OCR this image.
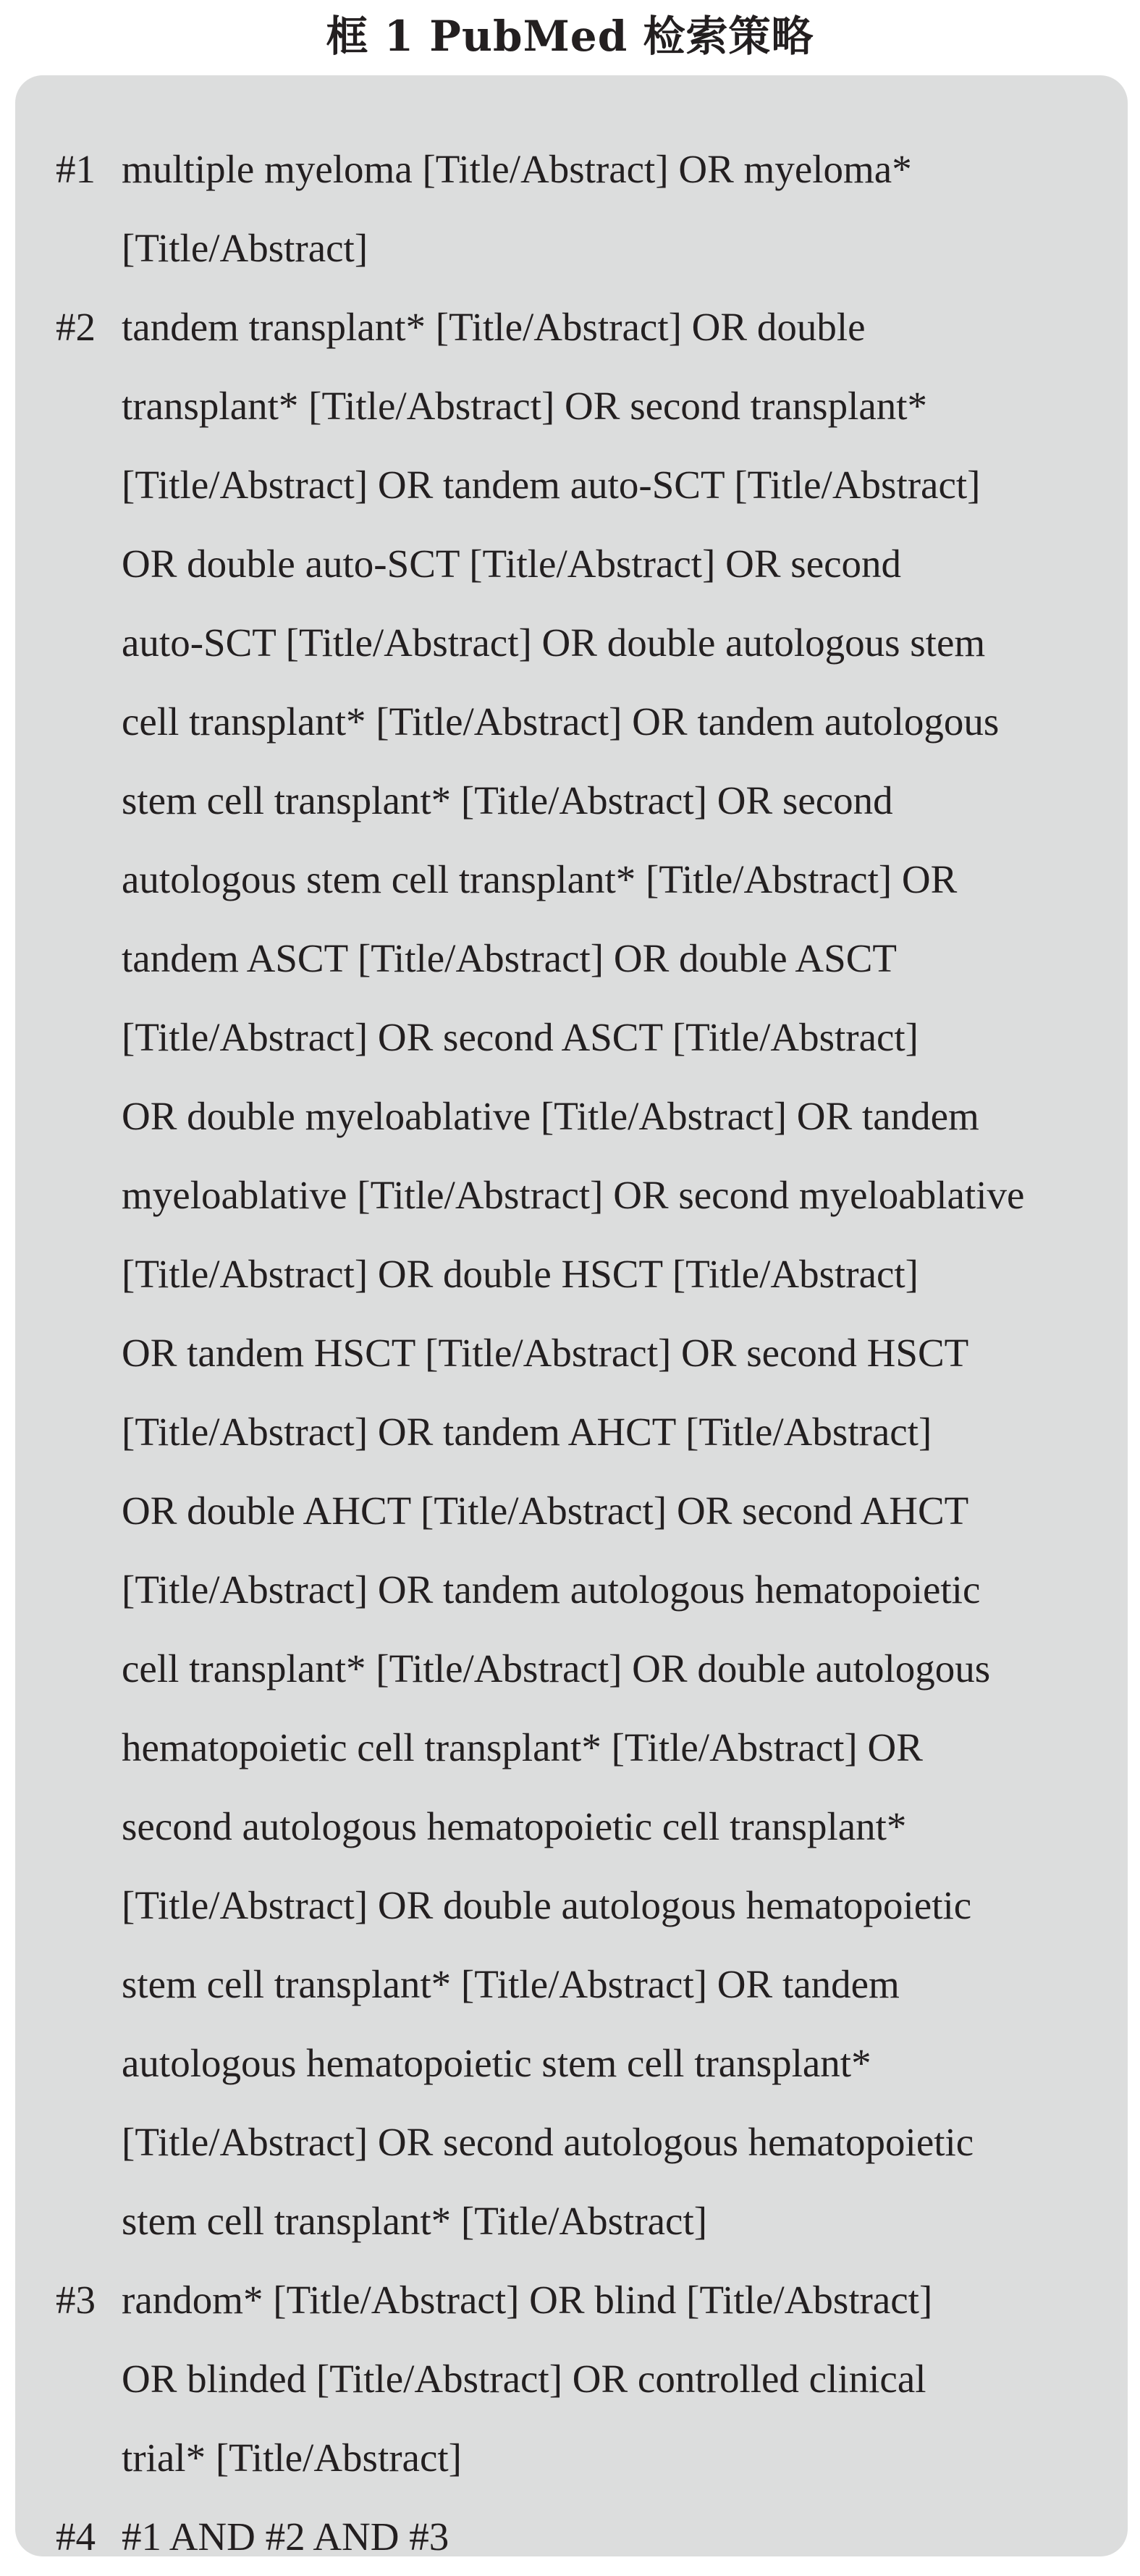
框 1 PubMed 检索策略
#1 multiple myeloma [Title/Abstract] OR myeloma*
[Title/Abstract]
#2 tandem transplant* [Title/Abstract] OR double
transplant* [Title/Abstract] OR second transplant*
[Title/Abstract] OR tandem auto-SCT [Title/Abstract]
OR double auto-SCT [Title/Abstract] OR second
auto-SCT [Title/Abstract] OR double autologous stem
cell transplant* [Title/Abstract] OR tandem autologous
stem cell transplant* [Title/Abstract] OR second
autologous stem cell transplant* [Title/Abstract] OR
tandem ASCT [Title/Abstract] OR double ASCT
[Title/Abstract] OR second ASCT [Title/Abstract]
OR double myeloablative [Title/Abstract] OR tandem
myeloablative [Title/Abstract] OR second myeloablative
[Title/Abstract] OR double HSCT [Title/Abstract]
OR tandem HSCT [Title/Abstract] OR second HSCT
[Title/Abstract] OR tandem AHCT [Title/Abstract]
OR double AHCT [Title/Abstract] OR second AHCT
[Title/Abstract] OR tandem autologous hematopoietic
cell transplant* [Title/Abstract] OR double autologous
hematopoietic cell transplant* [Title/Abstract] OR
second autologous hematopoietic cell transplant*
[Title/Abstract] OR double autologous hematopoietic
stem cell transplant* [Title/Abstract] OR tandem
autologous hematopoietic stem cell transplant*
[Title/Abstract] OR second autologous hematopoietic
stem cell transplant* [Title/Abstract]
#3 random* [Title/Abstract] OR blind [Title/Abstract]
OR blinded [Title/Abstract] OR controlled clinical
trial* [Title/Abstract]
#4 #1 AND #2 AND #3
